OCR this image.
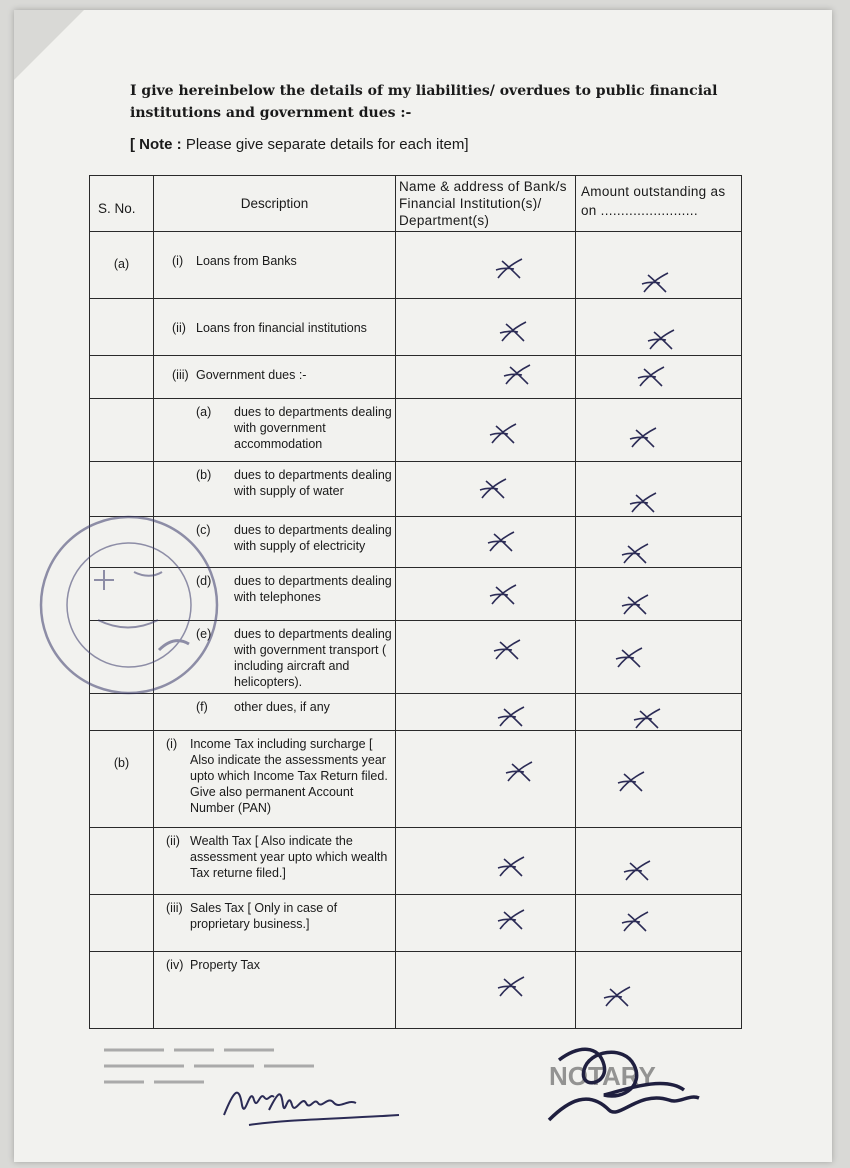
I give hereinbelow the details of my liabilities/ overdues to public financial institutions and government dues :-
[ Note : Please give separate details for each item]
S. No.	Description	Name & address of Bank/s Financial Institution(s)/ Department(s)	Amount outstanding as on ........................
(a)	(i) Loans from Banks

	(ii) Loans fron financial institutions

	(iii) Government dues :-

	(a) dues to departments dealing with government accommodation

	(b) dues to departments dealing with supply of water

	(c) dues to departments dealing with supply of electricity

	(d) dues to departments dealing with telephones

	(e) dues to departments dealing with government transport ( including aircraft and helicopters).

	(f) other dues, if any

(b)	(i) Income Tax including surcharge [ Also indicate the assessments year upto which Income Tax Return filed. Give also permanent Account Number (PAN)

	(ii) Wealth Tax [ Also indicate the assessment year upto which wealth Tax returne filed.]

	(iii) Sales Tax [ Only in case of proprietary business.]

	(iv) Property Tax

NOTARY
